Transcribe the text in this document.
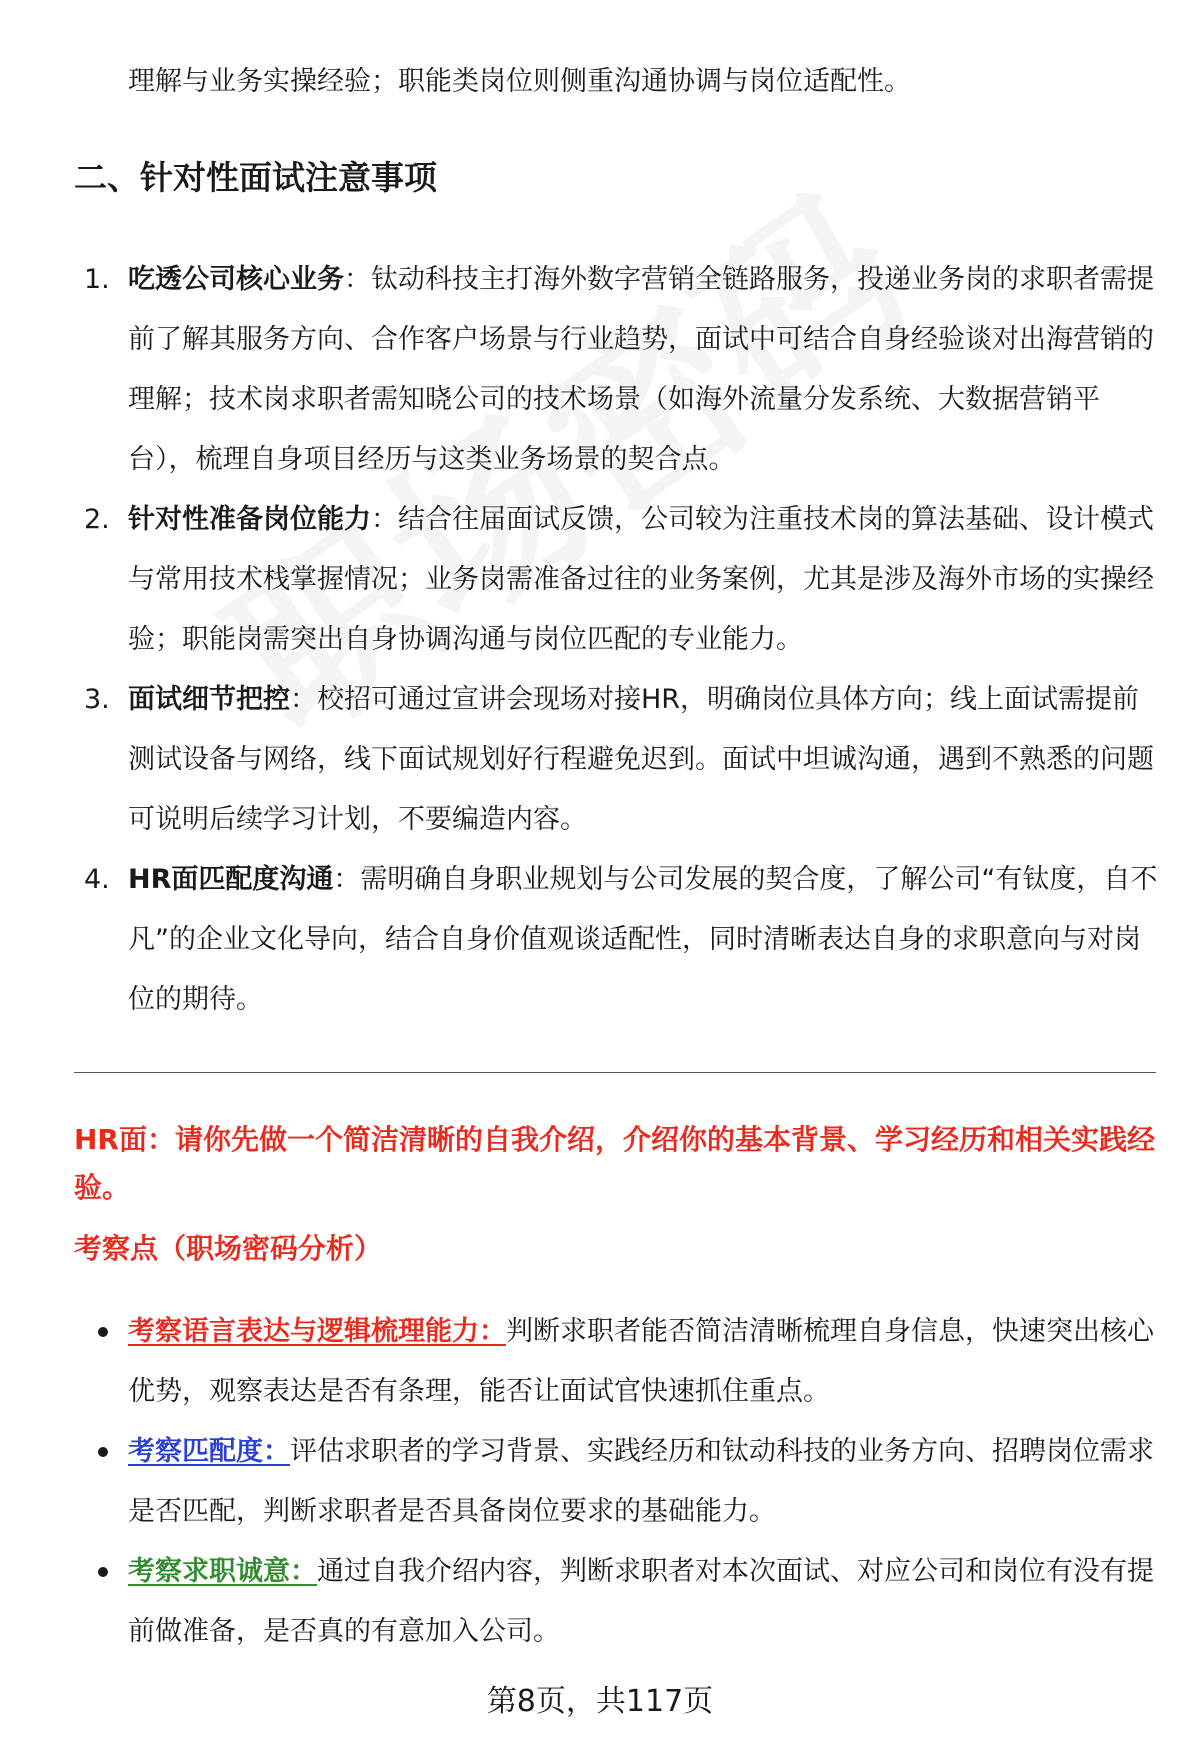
理解与业务实操经验；职能类岗位则侧重沟通协调与岗位适配性。
二、针对性面试注意事项
1. 吃透公司核心业务：钛动科技主打海外数字营销全链路服务，投递业务岗的求职者需提前了解其服务方向、合作客户场景与行业趋势，面试中可结合自身经验谈对出海营销的理解；技术岗求职者需知晓公司的技术场景（如海外流量分发系统、大数据营销平台），梳理自身项目经历与这类业务场景的契合点。
2. 针对性准备岗位能力：结合往届面试反馈，公司较为注重技术岗的算法基础、设计模式与常用技术栈掌握情况；业务岗需准备过往的业务案例，尤其是涉及海外市场的实操经验；职能岗需突出自身协调沟通与岗位匹配的专业能力。
3. 面试细节把控：校招可通过宣讲会现场对接HR，明确岗位具体方向；线上面试需提前测试设备与网络，线下面试规划好行程避免迟到。面试中坦诚沟通，遇到不熟悉的问题可说明后续学习计划，不要编造内容。
4. HR面匹配度沟通：需明确自身职业规划与公司发展的契合度，了解公司“有钛度，自不凡”的企业文化导向，结合自身价值观谈适配性，同时清晰表达自身的求职意向与对岗位的期待。
HR面：请你先做一个简洁清晰的自我介绍，介绍你的基本背景、学习经历和相关实践经验。
考察点（职场密码分析）
考察语言表达与逻辑梳理能力：判断求职者能否简洁清晰梳理自身信息，快速突出核心优势，观察表达是否有条理，能否让面试官快速抓住重点。
考察匹配度：评估求职者的学习背景、实践经历和钛动科技的业务方向、招聘岗位需求是否匹配，判断求职者是否具备岗位要求的基础能力。
考察求职诚意：通过自我介绍内容，判断求职者对本次面试、对应公司和岗位有没有提前做准备，是否真的有意加入公司。
第8页，共117页
